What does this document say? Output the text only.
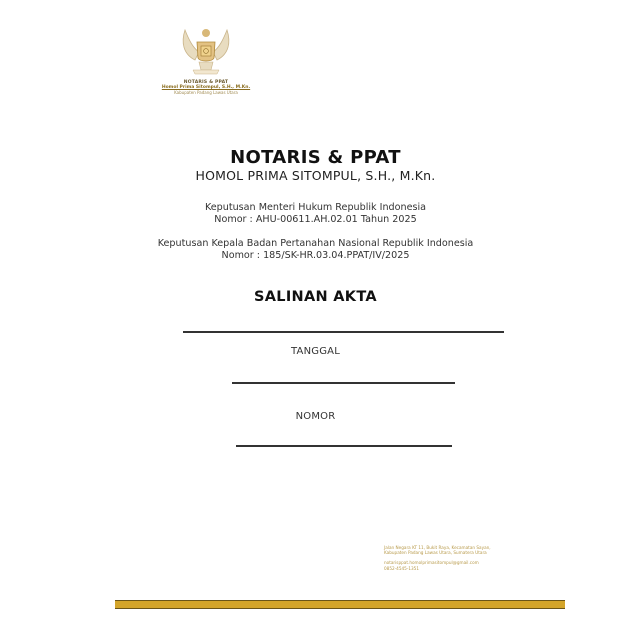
NOTARIS & PPAT
Homol Prima Sitompul, S.H., M.Kn.
Kabupaten Padang Lawas Utara
NOTARIS & PPAT
HOMOL PRIMA SITOMPUL, S.H., M.Kn.
Keputusan Menteri Hukum Republik Indonesia
Nomor : AHU-00611.AH.02.01 Tahun 2025
Keputusan Kepala Badan Pertanahan Nasional Republik Indonesia
Nomor : 185/SK-HR.03.04.PPAT/IV/2025
SALINAN AKTA
TANGGAL
NOMOR
Jalan Negara KT 11, Bukit Raya, Kecamatan Sayan,
Kabupaten Padang Lawas Utara, Sumatera Utara
notarisppat.homolprimasitompul@gmail.com
0852-4545-1351
